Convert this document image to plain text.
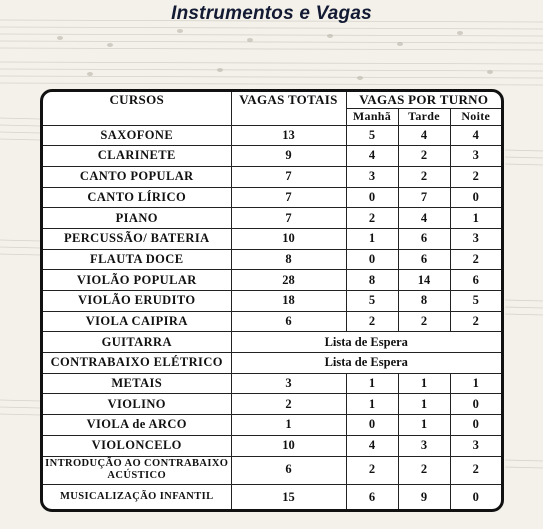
Instrumentos e Vagas
CURSOS	VAGAS TOTAIS	VAGAS POR TURNO		
		Manhã	Tarde	Noite
SAXOFONE	13	5	4	4
CLARINETE	9	4	2	3
CANTO POPULAR	7	3	2	2
CANTO LÍRICO	7	0	7	0
PIANO	7	2	4	1
PERCUSSÃO/ BATERIA	10	1	6	3
FLAUTA DOCE	8	0	6	2
VIOLÃO POPULAR	28	8	14	6
VIOLÃO ERUDITO	18	5	8	5
VIOLA CAIPIRA	6	2	2	2
GUITARRA	Lista de Espera			
CONTRABAIXO ELÉTRICO	Lista de Espera			
METAIS	3	1	1	1
VIOLINO	2	1	1	0
VIOLA de ARCO	1	0	1	0
VIOLONCELO	10	4	3	3
INTRODUÇÃO AO CONTRABAIXO ACÚSTICO	6	2	2	2
MUSICALIZAÇÃO INFANTIL	15	6	9	0
